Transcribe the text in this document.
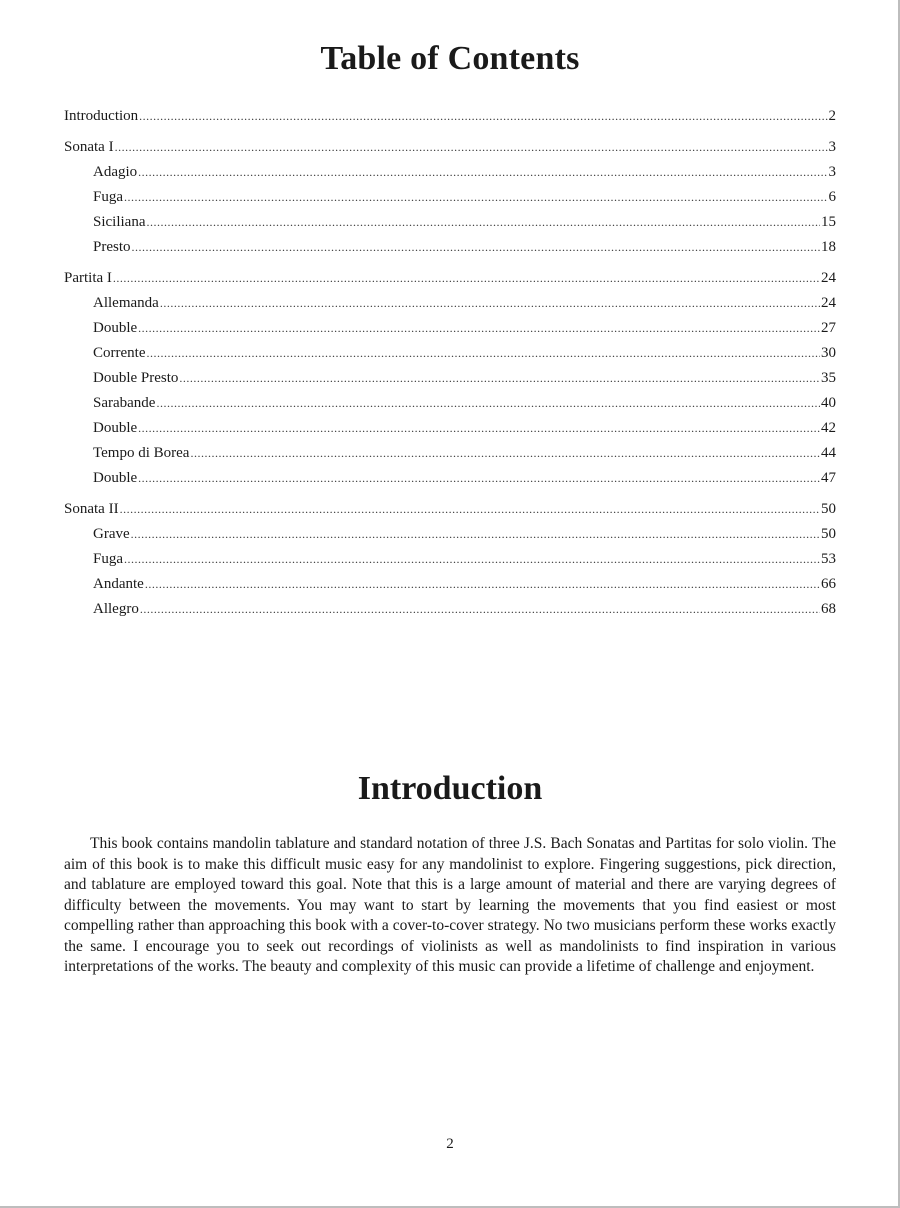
Table of Contents
Introduction .....	2
Sonata I .....	3
Adagio .....	3
Fuga .....	6
Siciliana .....	15
Presto .....	18
Partita I .....	24
Allemanda .....	24
Double .....	27
Corrente .....	30
Double Presto .....	35
Sarabande .....	40
Double .....	42
Tempo di Borea .....	44
Double .....	47
Sonata II .....	50
Grave .....	50
Fuga .....	53
Andante .....	66
Allegro .....	68
Introduction

This book contains mandolin tablature and standard notation of three J.S. Bach Sonatas and Partitas for solo violin. The aim of this book is to make this difficult music easy for any mandolinist to explore. Fingering suggestions, pick direction, and tablature are employed toward this goal. Note that this is a large amount of material and there are varying degrees of difficulty between the movements. You may want to start by learning the movements that you find easiest or most compelling rather than approaching this book with a cover-to-cover strategy. No two musicians perform these works exactly the same. I encourage you to seek out recordings of violinists as well as mandolinists to find inspiration in various interpretations of the works. The beauty and complexity of this music can provide a lifetime of challenge and enjoyment.

2
